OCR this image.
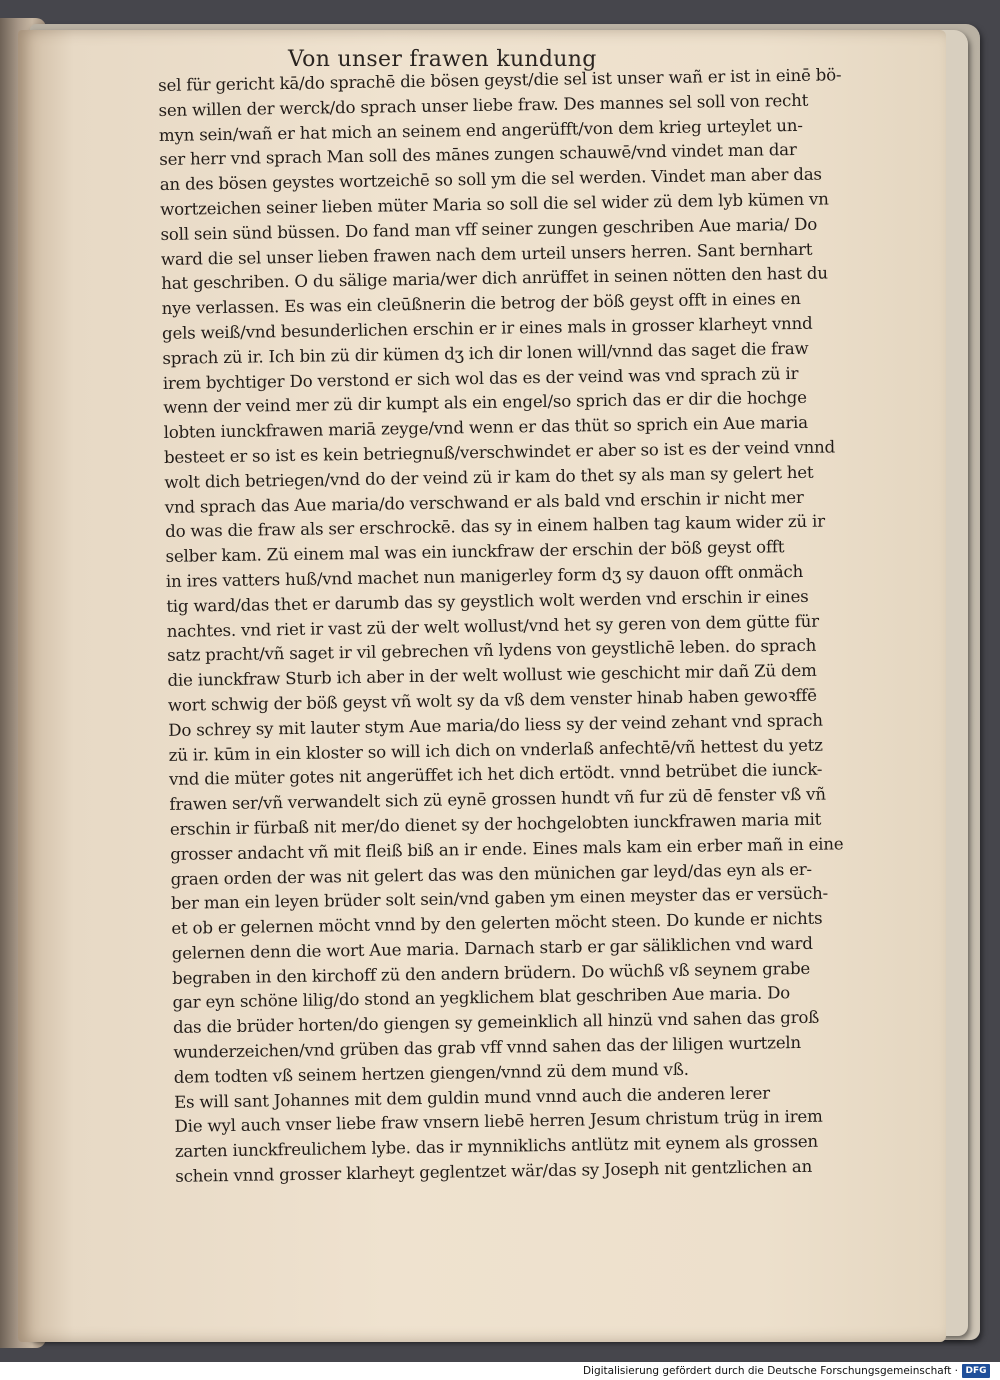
Von unser frawen kundung
sel für gericht kā/do sprachē die bösen geyst/die sel ist unser wañ er ist in einē bö-
sen willen der werck/do sprach unser liebe fraw. Des mannes sel soll von recht
myn sein/wañ er hat mich an seinem end angerüfft/von dem krieg urteylet un-
ser herr vnd sprach Man soll des mānes zungen schauwē/vnd vindet man dar
an des bösen geystes wortzeichē so soll ym die sel werden. Vindet man aber das
wortzeichen seiner lieben müter Maria so soll die sel wider zü dem lyb kümen vn
soll sein sünd büssen. Do fand man vff seiner zungen geschriben Aue maria/ Do
ward die sel unser lieben frawen nach dem urteil unsers herren. Sant bernhart
hat geschriben. O du sälige maria/wer dich anrüffet in seinen nötten den hast du
nye verlassen. Es was ein cleūßnerin die betrog der böß geyst offt in eines en
gels weiß/vnd besunderlichen erschin er ir eines mals in grosser klarheyt vnnd
sprach zü ir. Ich bin zü dir kümen dʒ ich dir lonen will/vnnd das saget die fraw
irem bychtiger Do verstond er sich wol das es der veind was vnd sprach zü ir
wenn der veind mer zü dir kumpt als ein engel/so sprich das er dir die hochge
lobten iunckfrawen mariā zeyge/vnd wenn er das thüt so sprich ein Aue maria
besteet er so ist es kein betriegnuß/verschwindet er aber so ist es der veind vnnd
wolt dich betriegen/vnd do der veind zü ir kam do thet sy als man sy gelert het
vnd sprach das Aue maria/do verschwand er als bald vnd erschin ir nicht mer
do was die fraw als ser erschrockē. das sy in einem halben tag kaum wider zü ir
selber kam. Zü einem mal was ein iunckfraw der erschin der böß geyst offt
in ires vatters huß/vnd machet nun manigerley form dʒ sy dauon offt onmäch
tig ward/das thet er darumb das sy geystlich wolt werden vnd erschin ir eines
nachtes. vnd riet ir vast zü der welt wollust/vnd het sy geren von dem gütte für
satz pracht/vñ saget ir vil gebrechen vñ lydens von geystlichē leben. do sprach
die iunckfraw Sturb ich aber in der welt wollust wie geschicht mir dañ Zü dem
wort schwig der böß geyst vñ wolt sy da vß dem venster hinab haben gewoꝛffē
Do schrey sy mit lauter stym Aue maria/do liess sy der veind zehant vnd sprach
zü ir. kūm in ein kloster so will ich dich on vnderlaß anfechtē/vñ hettest du yetz
vnd die müter gotes nit angerüffet ich het dich ertödt. vnnd betrübet die iunck-
frawen ser/vñ verwandelt sich zü eynē grossen hundt vñ fur zü dē fenster vß vñ
erschin ir fürbaß nit mer/do dienet sy der hochgelobten iunckfrawen maria mit
grosser andacht vñ mit fleiß biß an ir ende. Eines mals kam ein erber mañ in eine
graen orden der was nit gelert das was den münichen gar leyd/das eyn als er-
ber man ein leyen brüder solt sein/vnd gaben ym einen meyster das er versüch-
et ob er gelernen möcht vnnd by den gelerten möcht steen. Do kunde er nichts
gelernen denn die wort Aue maria. Darnach starb er gar säliklichen vnd ward
begraben in den kirchoff zü den andern brüdern. Do wüchß vß seynem grabe
gar eyn schöne lilig/do stond an yegklichem blat geschriben Aue maria. Do
das die brüder horten/do giengen sy gemeinklich all hinzü vnd sahen das groß
wunderzeichen/vnd grüben das grab vff vnnd sahen das der liligen wurtzeln
dem todten vß seinem hertzen giengen/vnnd zü dem mund vß.
Es will sant Johannes mit dem guldin mund vnnd auch die anderen lerer
Die wyl auch vnser liebe fraw vnsern liebē herren Jesum christum trüg in irem
zarten iunckfreulichem lybe. das ir mynniklichs antlütz mit eynem als grossen
schein vnnd grosser klarheyt geglentzet wär/das sy Joseph nit gentzlichen an
Digitalisierung gefördert durch die Deutsche Forschungsgemeinschaft · DFG
